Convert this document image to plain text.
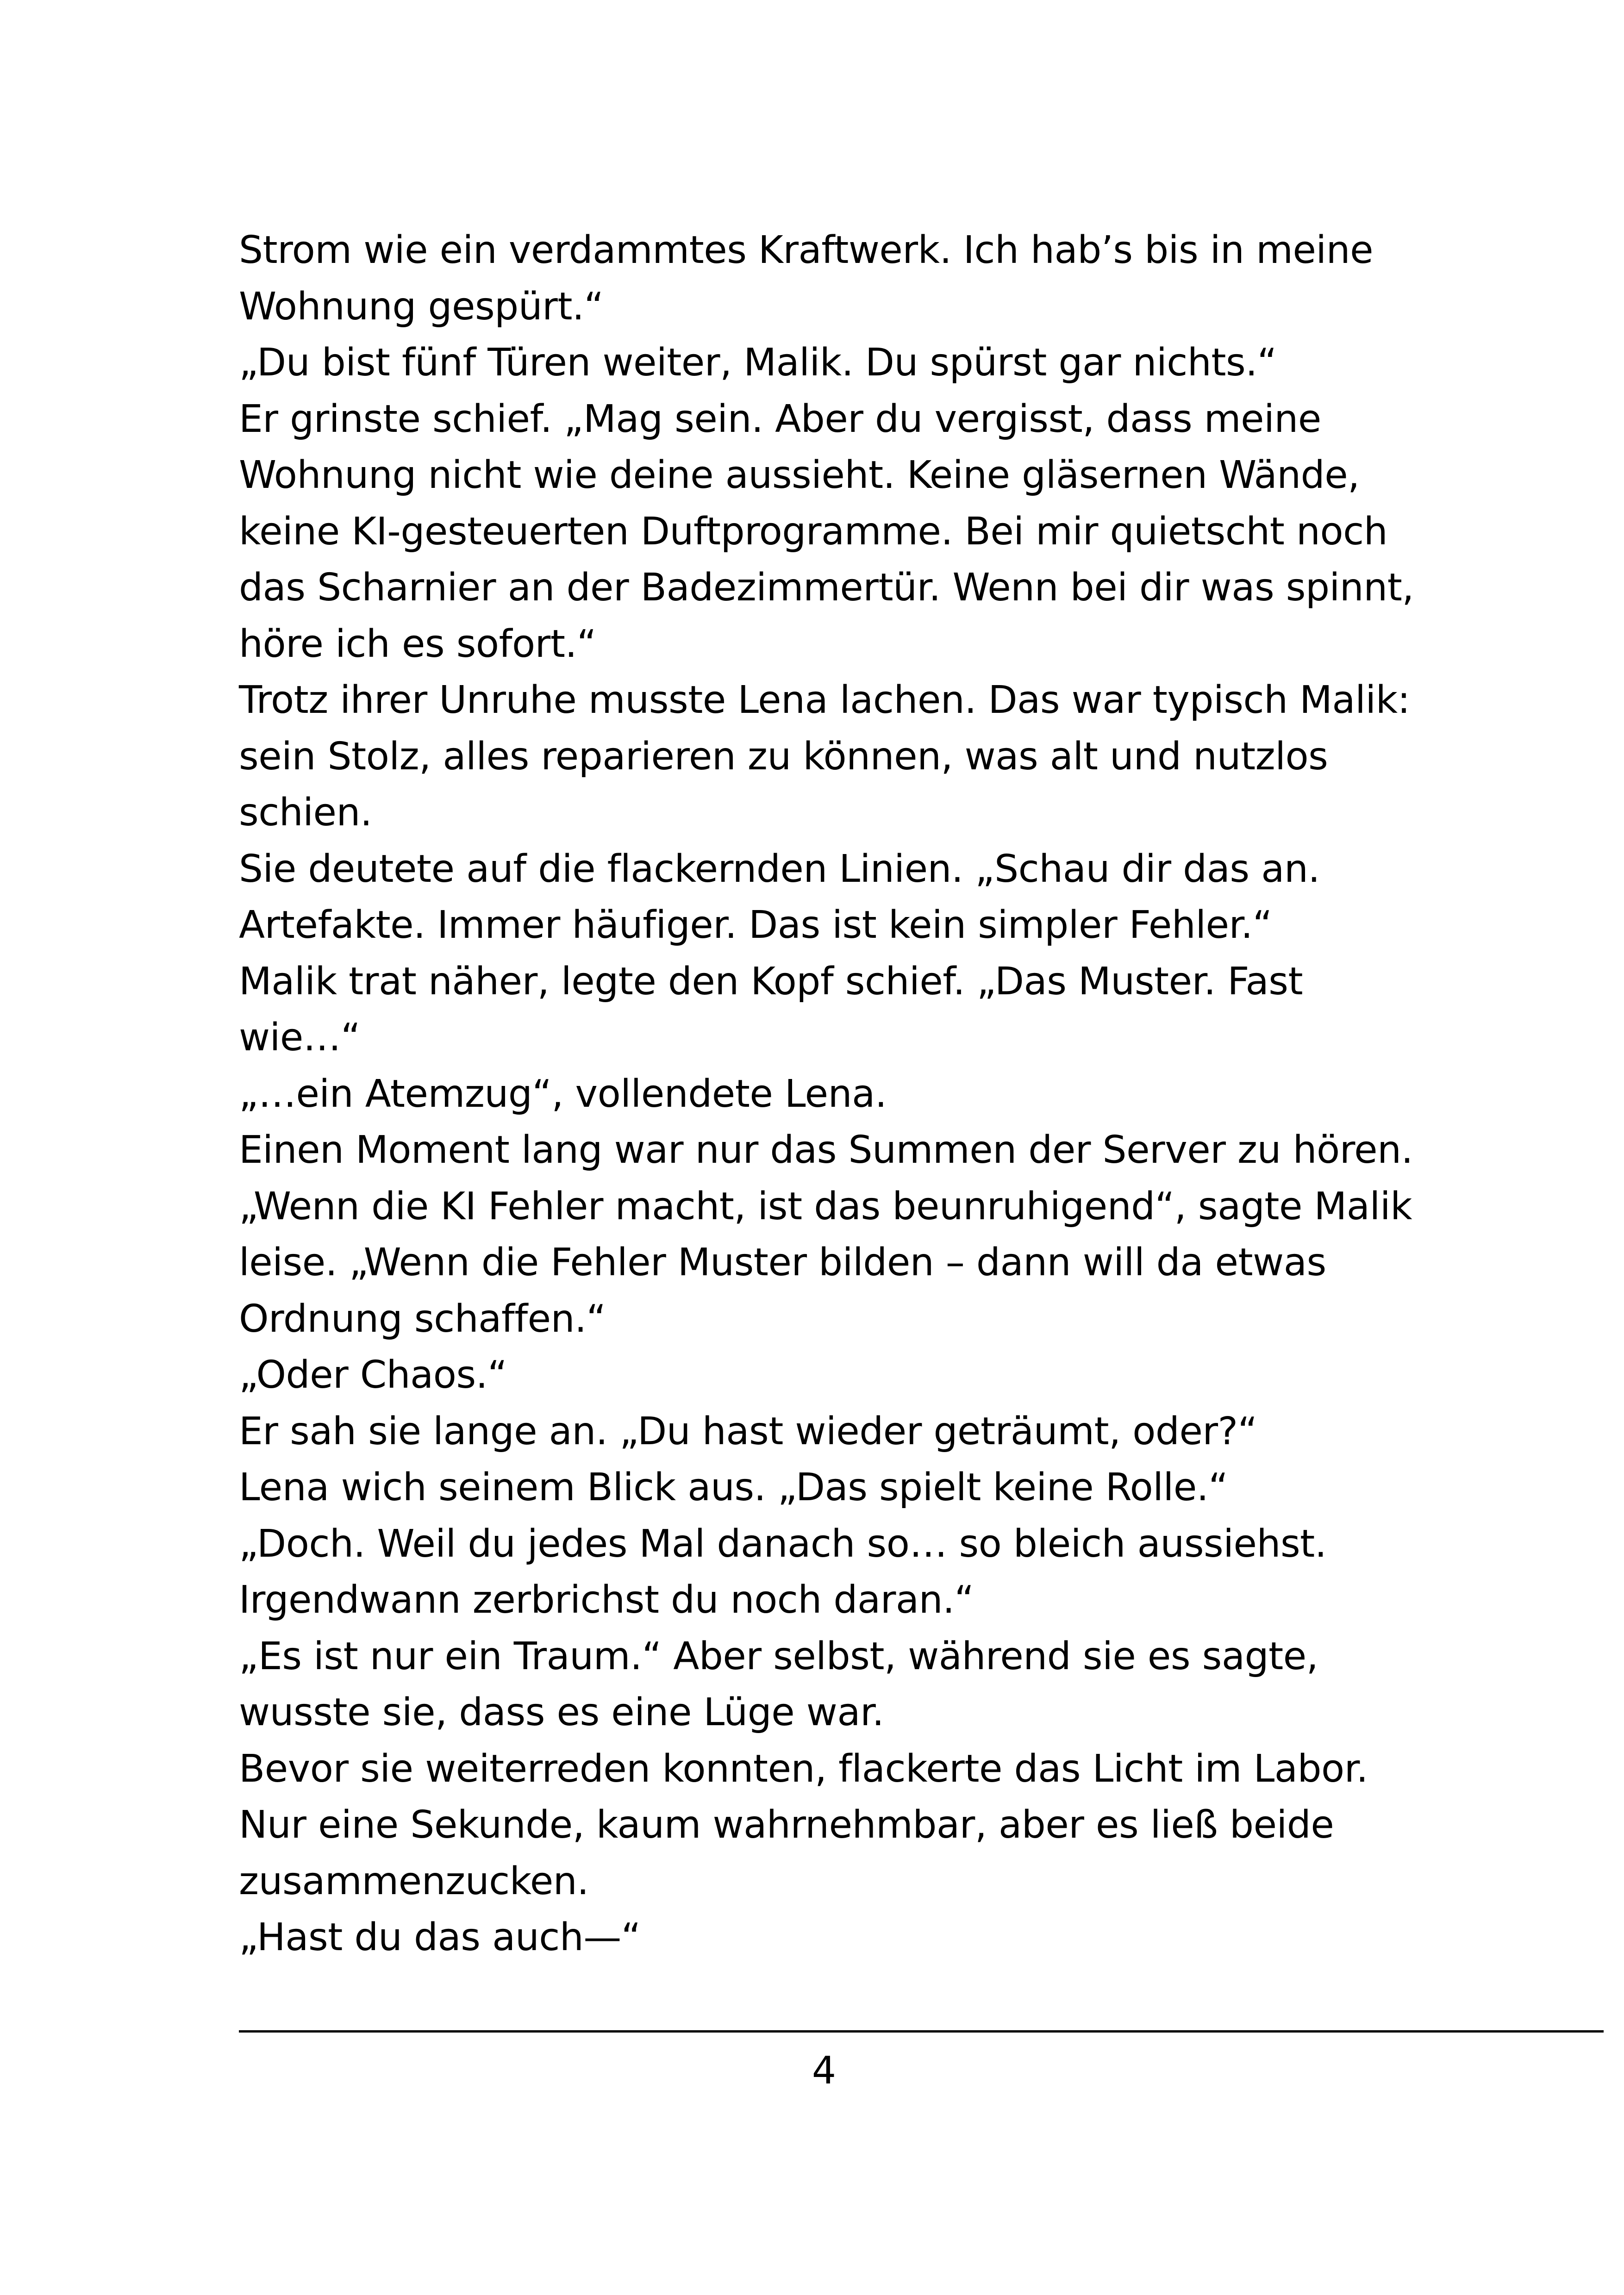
Strom wie ein verdammtes Kraftwerk. Ich hab’s bis in meine
Wohnung gespürt.“
„Du bist fünf Türen weiter, Malik. Du spürst gar nichts.“
Er grinste schief. „Mag sein. Aber du vergisst, dass meine
Wohnung nicht wie deine aussieht. Keine gläsernen Wände,
keine KI-gesteuerten Duftprogramme. Bei mir quietscht noch
das Scharnier an der Badezimmertür. Wenn bei dir was spinnt,
höre ich es sofort.“
Trotz ihrer Unruhe musste Lena lachen. Das war typisch Malik:
sein Stolz, alles reparieren zu können, was alt und nutzlos
schien.
Sie deutete auf die flackernden Linien. „Schau dir das an.
Artefakte. Immer häufiger. Das ist kein simpler Fehler.“
Malik trat näher, legte den Kopf schief. „Das Muster. Fast
wie…“
„…ein Atemzug“, vollendete Lena.
Einen Moment lang war nur das Summen der Server zu hören.
„Wenn die KI Fehler macht, ist das beunruhigend“, sagte Malik
leise. „Wenn die Fehler Muster bilden – dann will da etwas
Ordnung schaffen.“
„Oder Chaos.“
Er sah sie lange an. „Du hast wieder geträumt, oder?“
Lena wich seinem Blick aus. „Das spielt keine Rolle.“
„Doch. Weil du jedes Mal danach so… so bleich aussiehst.
Irgendwann zerbrichst du noch daran.“
„Es ist nur ein Traum.“ Aber selbst, während sie es sagte,
wusste sie, dass es eine Lüge war.
Bevor sie weiterreden konnten, flackerte das Licht im Labor.
Nur eine Sekunde, kaum wahrnehmbar, aber es ließ beide
zusammenzucken.
„Hast du das auch—“
4
